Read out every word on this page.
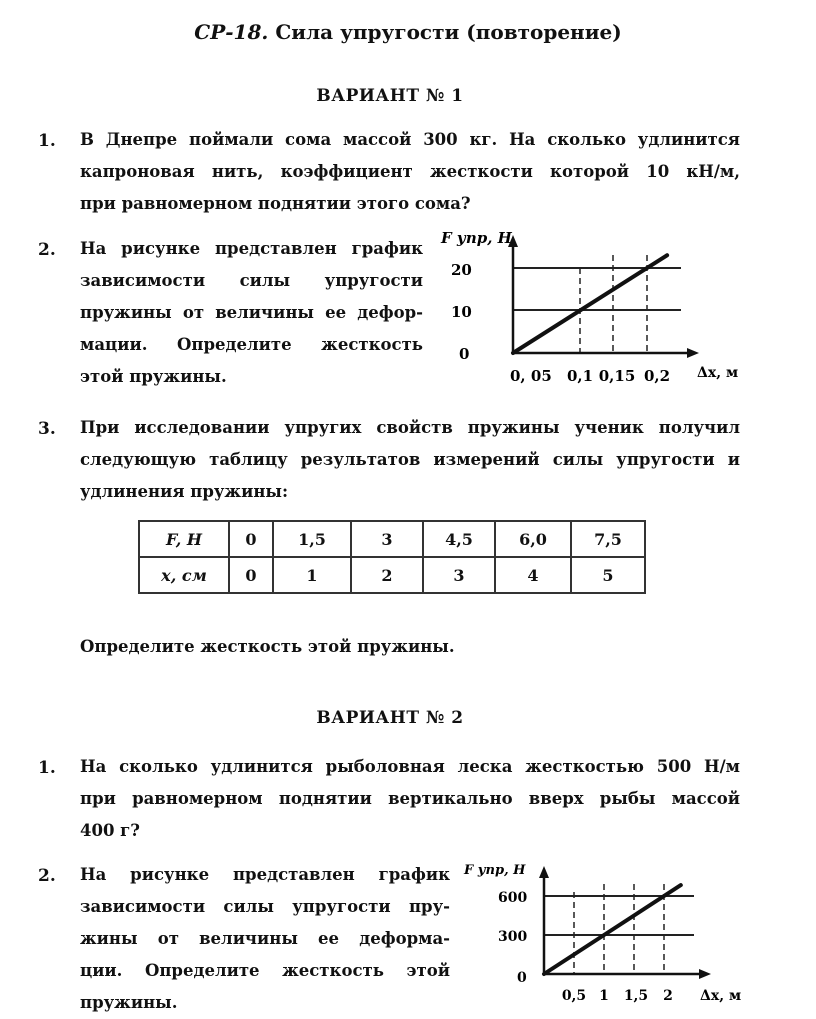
СР-18. Сила упругости (повторение)
ВАРИАНТ № 1
1. В Днепре поймали сома массой 300 кг. На сколько удлинится
капроновая нить, коэффициент жесткости которой 10 кН/м,
при равномерном поднятии этого сома?
2. На рисунке представлен график
зависимости силы упругости
пружины от величины ее дефор-
мации. Определите жесткость
этой пружины.
F упр, Н
Δx, м
0
10
20
0, 05 0,1 0,15 0,2
3. При исследовании упругих свойств пружины ученик получил
следующую таблицу результатов измерений силы упругости и
удлинения пружины:
F, Н	0	1,5	3	4,5	6,0	7,5
x, см	0	1	2	3	4	5
Определите жесткость этой пружины.
ВАРИАНТ № 2
1. На сколько удлинится рыболовная леска жесткостью 500 Н/м
при равномерном поднятии вертикально вверх рыбы массой
400 г?
2. На рисунке представлен график
зависимости силы упругости пру-
жины от величины ее деформа-
ции. Определите жесткость этой
пружины.
F упр, Н
Δx, м
0
300
600
0,5 1 1,5 2
